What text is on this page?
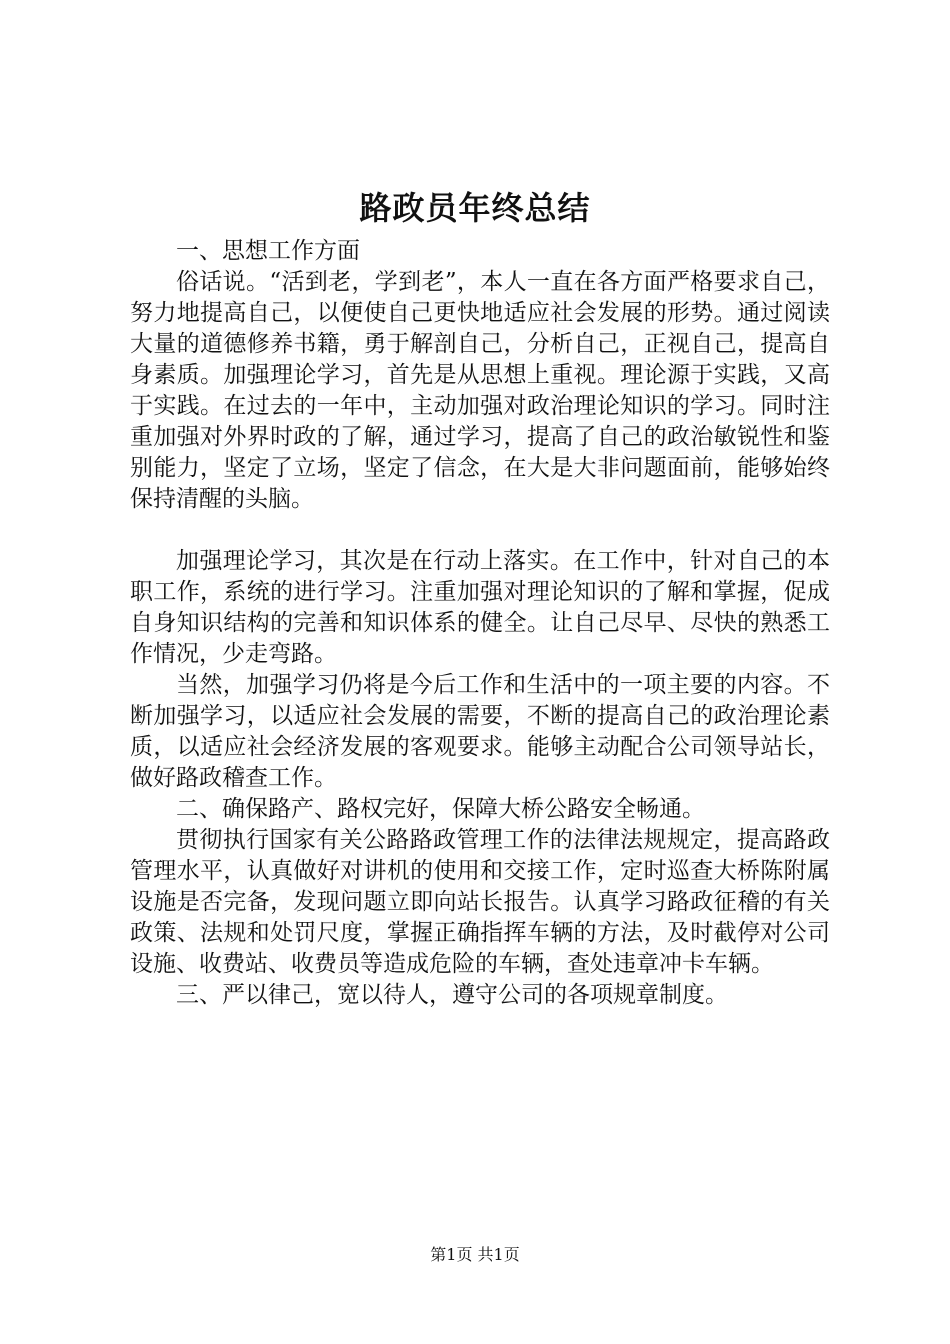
路政员年终总结

一、思想工作方面

俗话说。“活到老，学到老”，本人一直在各方面严格要求自己，努力地提高自己，以便使自己更快地适应社会发展的形势。通过阅读大量的道德修养书籍，勇于解剖自己，分析自己，正视自己，提高自身素质。加强理论学习，首先是从思想上重视。理论源于实践，又高于实践。在过去的一年中，主动加强对政治理论知识的学习。同时注重加强对外界时政的了解，通过学习，提高了自己的政治敏锐性和鉴别能力，坚定了立场，坚定了信念，在大是大非问题面前，能够始终保持清醒的头脑。

加强理论学习，其次是在行动上落实。在工作中，针对自己的本职工作，系统的进行学习。注重加强对理论知识的了解和掌握，促成自身知识结构的完善和知识体系的健全。让自己尽早、尽快的熟悉工作情况，少走弯路。

当然，加强学习仍将是今后工作和生活中的一项主要的内容。不断加强学习，以适应社会发展的需要，不断的提高自己的政治理论素质，以适应社会经济发展的客观要求。能够主动配合公司领导站长，做好路政稽查工作。

二、确保路产、路权完好，保障大桥公路安全畅通。

贯彻执行国家有关公路路政管理工作的法律法规规定，提高路政管理水平，认真做好对讲机的使用和交接工作，定时巡查大桥陈附属设施是否完备，发现问题立即向站长报告。认真学习路政征稽的有关政策、法规和处罚尺度，掌握正确指挥车辆的方法，及时截停对公司设施、收费站、收费员等造成危险的车辆，查处违章冲卡车辆。

三、严以律己，宽以待人，遵守公司的各项规章制度。

第1页 共1页
